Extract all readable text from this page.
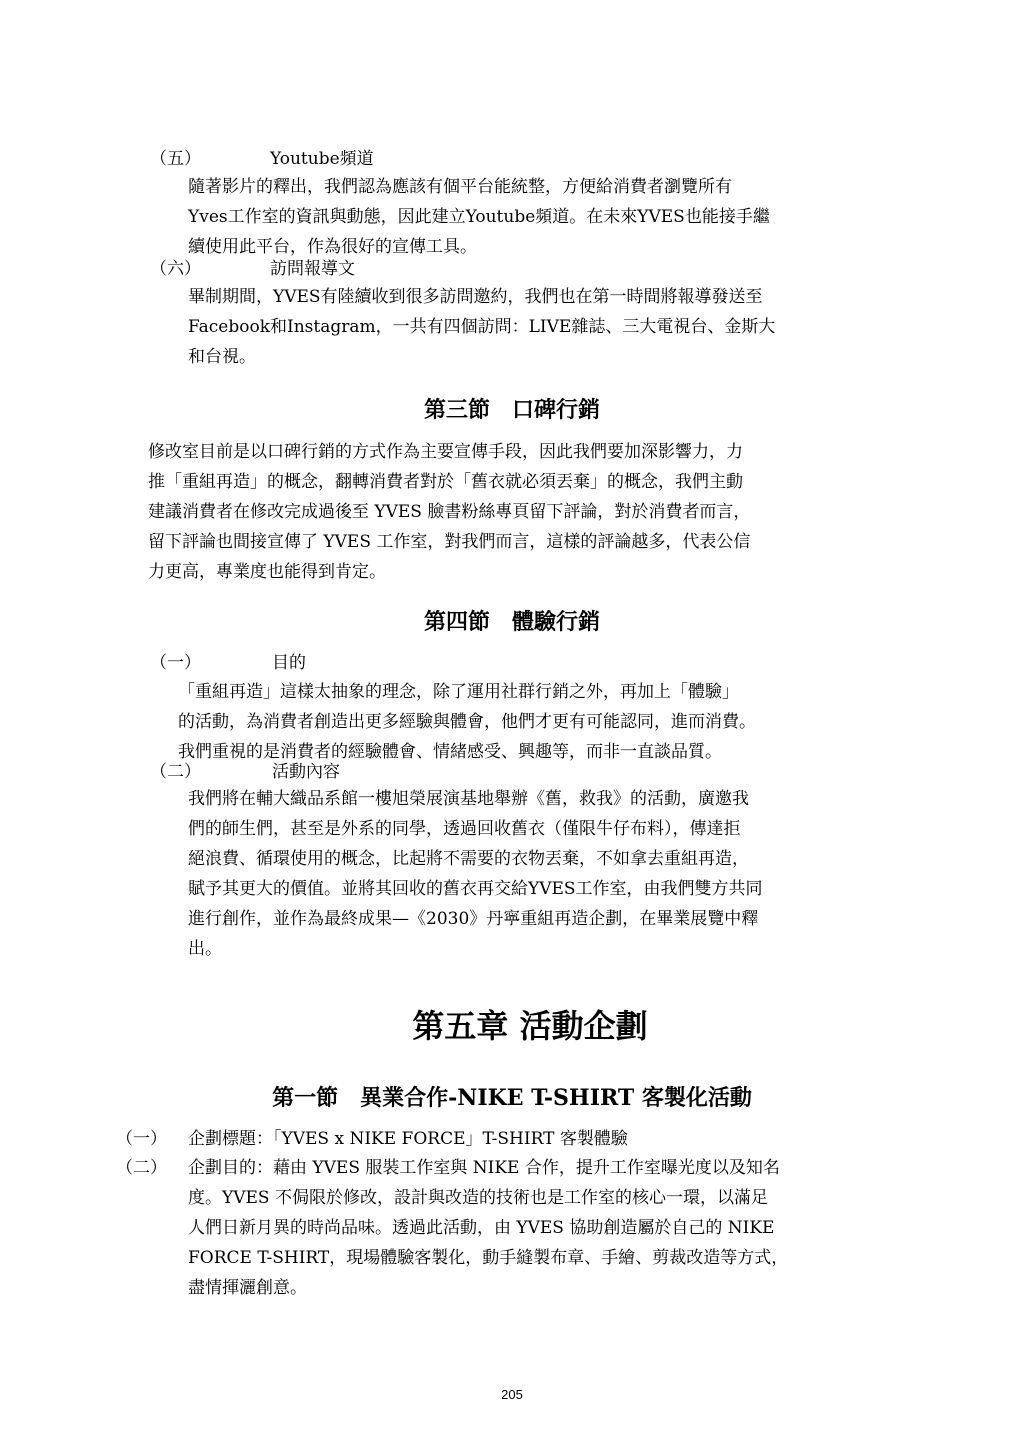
（五）	Youtube頻道
隨著影片的釋出，我們認為應該有個平台能統整，方便給消費者瀏覽所有
Yves工作室的資訊與動態，因此建立Youtube頻道。在未來YVES也能接手繼
續使用此平台，作為很好的宣傳工具。
（六）	訪問報導文
畢制期間，YVES有陸續收到很多訪問邀約，我們也在第一時間將報導發送至
Facebook和Instagram，一共有四個訪問：LIVE雜誌、三大電視台、金斯大
和台視。
第三節　口碑行銷
修改室目前是以口碑行銷的方式作為主要宣傳手段，因此我們要加深影響力，力
推「重組再造」的概念，翻轉消費者對於「舊衣就必須丟棄」的概念，我們主動
建議消費者在修改完成過後至 YVES 臉書粉絲專頁留下評論，對於消費者而言，
留下評論也間接宣傳了 YVES 工作室，對我們而言，這樣的評論越多，代表公信
力更高，專業度也能得到肯定。
第四節　體驗行銷
（一）	目的
「重組再造」這樣太抽象的理念，除了運用社群行銷之外，再加上「體驗」
的活動，為消費者創造出更多經驗與體會，他們才更有可能認同，進而消費。
我們重視的是消費者的經驗體會、情緒感受、興趣等，而非一直談品質。
（二）	活動內容
我們將在輔大織品系館一樓旭榮展演基地舉辦《舊，救我》的活動，廣邀我
們的師生們，甚至是外系的同學，透過回收舊衣（僅限牛仔布料），傳達拒
絕浪費、循環使用的概念，比起將不需要的衣物丟棄，不如拿去重組再造，
賦予其更大的價值。並將其回收的舊衣再交給YVES工作室，由我們雙方共同
進行創作，並作為最終成果—《2030》丹寧重組再造企劃，在畢業展覽中釋
出。
第五章 活動企劃
第一節　異業合作-NIKE T-SHIRT 客製化活動
（一） 企劃標題：「YVES x NIKE FORCE」T-SHIRT 客製體驗
（二） 企劃目的：藉由 YVES 服裝工作室與 NIKE 合作，提升工作室曝光度以及知名
度。YVES 不侷限於修改，設計與改造的技術也是工作室的核心一環，以滿足
人們日新月異的時尚品味。透過此活動，由 YVES 協助創造屬於自己的 NIKE
FORCE T-SHIRT，現場體驗客製化，動手縫製布章、手繪、剪裁改造等方式，
盡情揮灑創意。
205
